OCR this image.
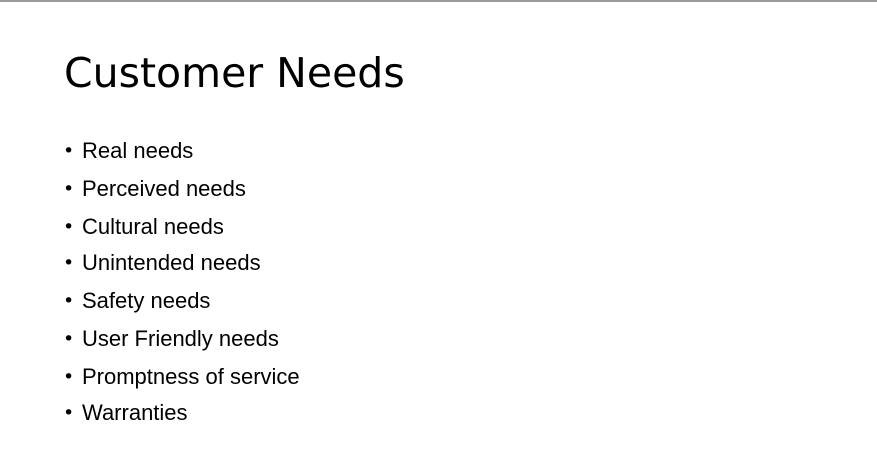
Customer Needs
• Real needs
• Perceived needs
• Cultural needs
• Unintended needs
• Safety needs
• User Friendly needs
• Promptness of service
• Warranties
